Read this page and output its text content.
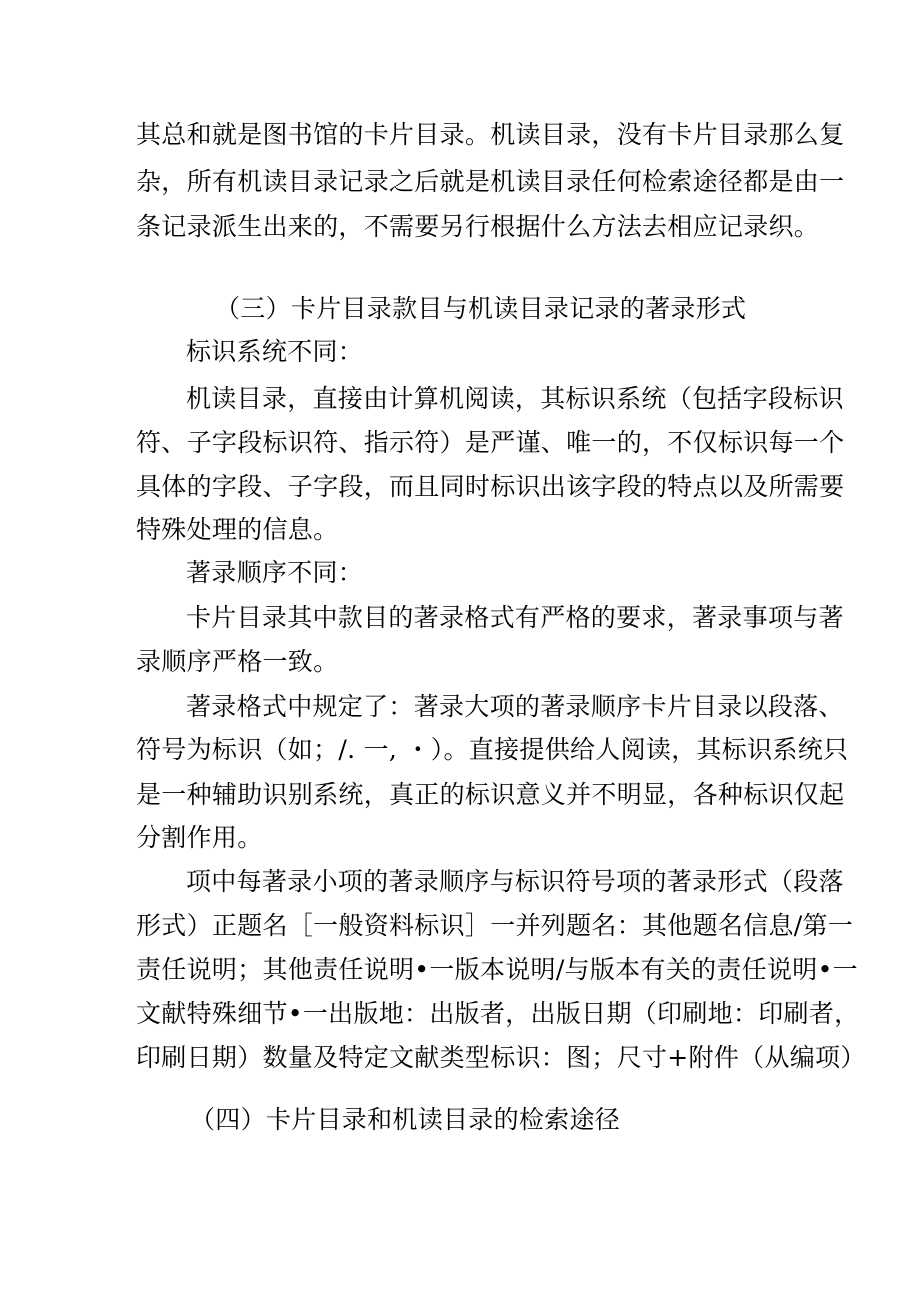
其总和就是图书馆的卡片目录。机读目录，没有卡片目录那么复

杂，所有机读目录记录之后就是机读目录任何检索途径都是由一

条记录派生出来的，不需要另行根据什么方法去相应记录织。

（三）卡片目录款目与机读目录记录的著录形式

标识系统不同：

机读目录，直接由计算机阅读，其标识系统（包括字段标识

符、子字段标识符、指示符）是严谨、唯一的，不仅标识每一个

具体的字段、子字段，而且同时标识出该字段的特点以及所需要

特殊处理的信息。

著录顺序不同：

卡片目录其中款目的著录格式有严格的要求，著录事项与著

录顺序严格一致。

著录格式中规定了：著录大项的著录顺序卡片目录以段落、

符号为标识（如；/. 一, ・）。直接提供给人阅读，其标识系统只

是一种辅助识别系统，真正的标识意义并不明显，各种标识仅起

分割作用。

项中每著录小项的著录顺序与标识符号项的著录形式（段落

形式）正题名［一般资料标识］一并列题名：其他题名信息/第一

责任说明；其他责任说明•一版本说明/与版本有关的责任说明•一

文献特殊细节•一出版地：出版者，出版日期（印刷地：印刷者，

印刷日期）数量及特定文献类型标识：图；尺寸+附件（从编项）

（四）卡片目录和机读目录的检索途径
